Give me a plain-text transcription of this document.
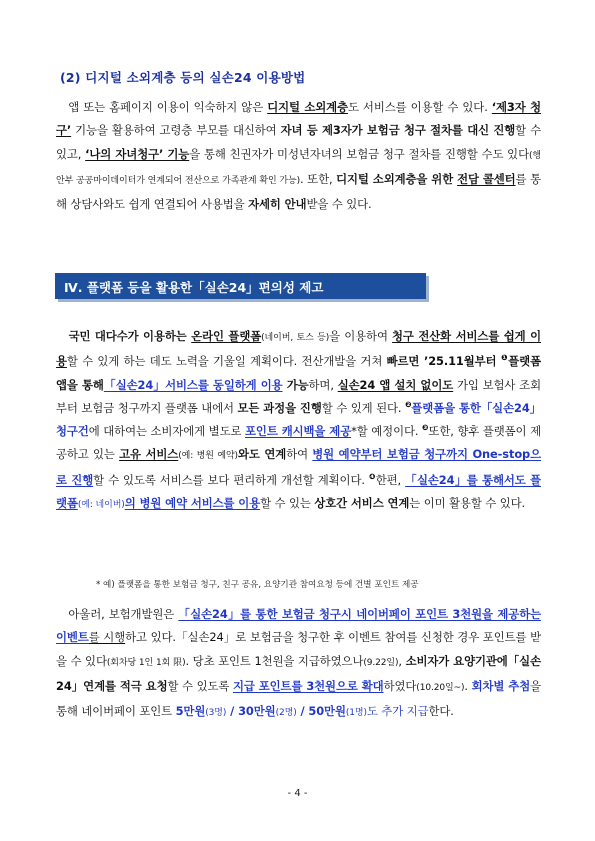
(2) 디지털 소외계층 등의 실손24 이용방법
앱 또는 홈페이지 이용이 익숙하지 않은 디지털 소외계층도 서비스를 이용할 수 있다. ‘제3자 청구’ 기능을 활용하여 고령층 부모를 대신하여 자녀 등 제3자가 보험금 청구 절차를 대신 진행할 수 있고, ‘나의 자녀청구’ 기능을 통해 친권자가 미성년자녀의 보험금 청구 절차를 진행할 수도 있다(행안부 공공마이데이터가 연계되어 전산으로 가족관계 확인 가능). 또한, 디지털 소외계층을 위한 전담 콜센터를 통해 상담사와도 쉽게 연결되어 사용법을 자세히 안내받을 수 있다.
Ⅳ. 플랫폼 등을 활용한「실손24」편의성 제고
국민 대다수가 이용하는 온라인 플랫폼(네이버, 토스 등)을 이용하여 청구 전산화 서비스를 쉽게 이용할 수 있게 하는 데도 노력을 기울일 계획이다. 전산개발을 거쳐 빠르면 ’25.11월부터 $^❶$플랫폼 앱을 통해「실손24」서비스를 동일하게 이용 가능하며, 실손24 앱 설치 없이도 가입 보험사 조회부터 보험금 청구까지 플랫폼 내에서 모든 과정을 진행할 수 있게 된다. $^❷$플랫폼을 통한「실손24」청구건에 대하여는 소비자에게 별도로 포인트 캐시백을 제공*할 예정이다. $^❸$또한, 향후 플랫폼이 제공하고 있는 고유 서비스(예: 병원 예약)와도 연계하여 병원 예약부터 보험금 청구까지 One-stop으로 진행할 수 있도록 서비스를 보다 편리하게 개선할 계획이다. $^❹$한편, 「실손24」를 통해서도 플랫폼(예: 네이버)의 병원 예약 서비스를 이용할 수 있는 상호간 서비스 연계는 이미 활용할 수 있다.
* 예) 플랫폼을 통한 보험금 청구, 친구 공유, 요양기관 참여요청 등에 건별 포인트 제공
아울러, 보험개발원은 「실손24」를 통한 보험금 청구시 네이버페이 포인트 3천원을 제공하는 이벤트를 시행하고 있다.「실손24」로 보험금을 청구한 후 이벤트 참여를 신청한 경우 포인트를 받을 수 있다(회차당 1인 1회 限). 당초 포인트 1천원을 지급하였으나(9.22일), 소비자가 요양기관에「실손24」연계를 적극 요청할 수 있도록 지급 포인트를 3천원으로 확대하였다(10.20일~). 회차별 추첨을 통해 네이버페이 포인트 5만원(3명) / 30만원(2명) / 50만원(1명)도 추가 지급한다.
- 4 -
